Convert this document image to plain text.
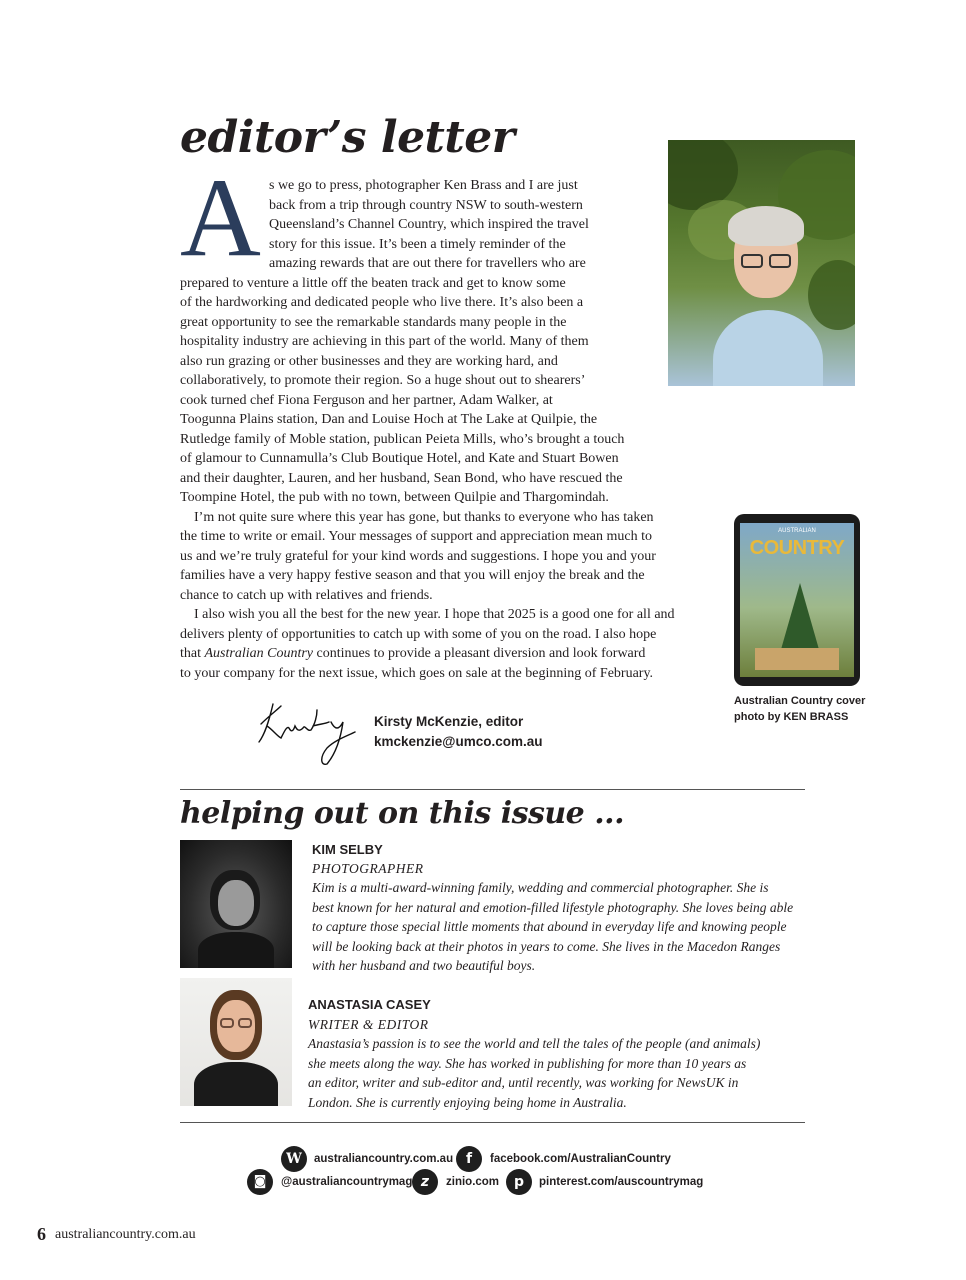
editor’s letter
A s we go to press, photographer Ken Brass and I are just
back from a trip through country NSW to south-western
Queensland’s Channel Country, which inspired the travel
story for this issue. It’s been a timely reminder of the
amazing rewards that are out there for travellers who are
prepared to venture a little off the beaten track and get to know some
of the hardworking and dedicated people who live there. It’s also been a
great opportunity to see the remarkable standards many people in the
hospitality industry are achieving in this part of the world. Many of them
also run grazing or other businesses and they are working hard, and
collaboratively, to promote their region. So a huge shout out to shearers’
cook turned chef Fiona Ferguson and her partner, Adam Walker, at
Toogunna Plains station, Dan and Louise Hoch at The Lake at Quilpie, the
Rutledge family of Moble station, publican Peieta Mills, who’s brought a touch
of glamour to Cunnamulla’s Club Boutique Hotel, and Kate and Stuart Bowen
and their daughter, Lauren, and her husband, Sean Bond, who have rescued the
Toompine Hotel, the pub with no town, between Quilpie and Thargomindah.
I’m not quite sure where this year has gone, but thanks to everyone who has taken
the time to write or email. Your messages of support and appreciation mean much to
us and we’re truly grateful for your kind words and suggestions. I hope you and your
families have a very happy festive season and that you will enjoy the break and the
chance to catch up with relatives and friends.
I also wish you all the best for the new year. I hope that 2025 is a good one for all and
delivers plenty of opportunities to catch up with some of you on the road. I also hope
that Australian Country continues to provide a pleasant diversion and look forward
to your company for the next issue, which goes on sale at the beginning of February.
AUSTRALIAN
COUNTRY
Australian Country cover
photo by KEN BRASS
Kirsty McKenzie, editor
kmckenzie@umco.com.au
helping out on this issue ...
KIM SELBY
PHOTOGRAPHER
Kim is a multi-award-winning family, wedding and commercial photographer. She is
best known for her natural and emotion-filled lifestyle photography. She loves being able
to capture those special little moments that abound in everyday life and knowing people
will be looking back at their photos in years to come. She lives in the Macedon Ranges
with her husband and two beautiful boys.
ANASTASIA CASEY
WRITER & EDITOR
Anastasia’s passion is to see the world and tell the tales of the people (and animals)
she meets along the way. She has worked in publishing for more than 10 years as
an editor, writer and sub-editor and, until recently, was working for NewsUK in
London. She is currently enjoying being home in Australia.
W	australiancountry.com.au f	facebook.com/AustralianCountry
◙	@australiancountrymag z	zinio.com	p	pinterest.com/auscountrymag
6 australiancountry.com.au
